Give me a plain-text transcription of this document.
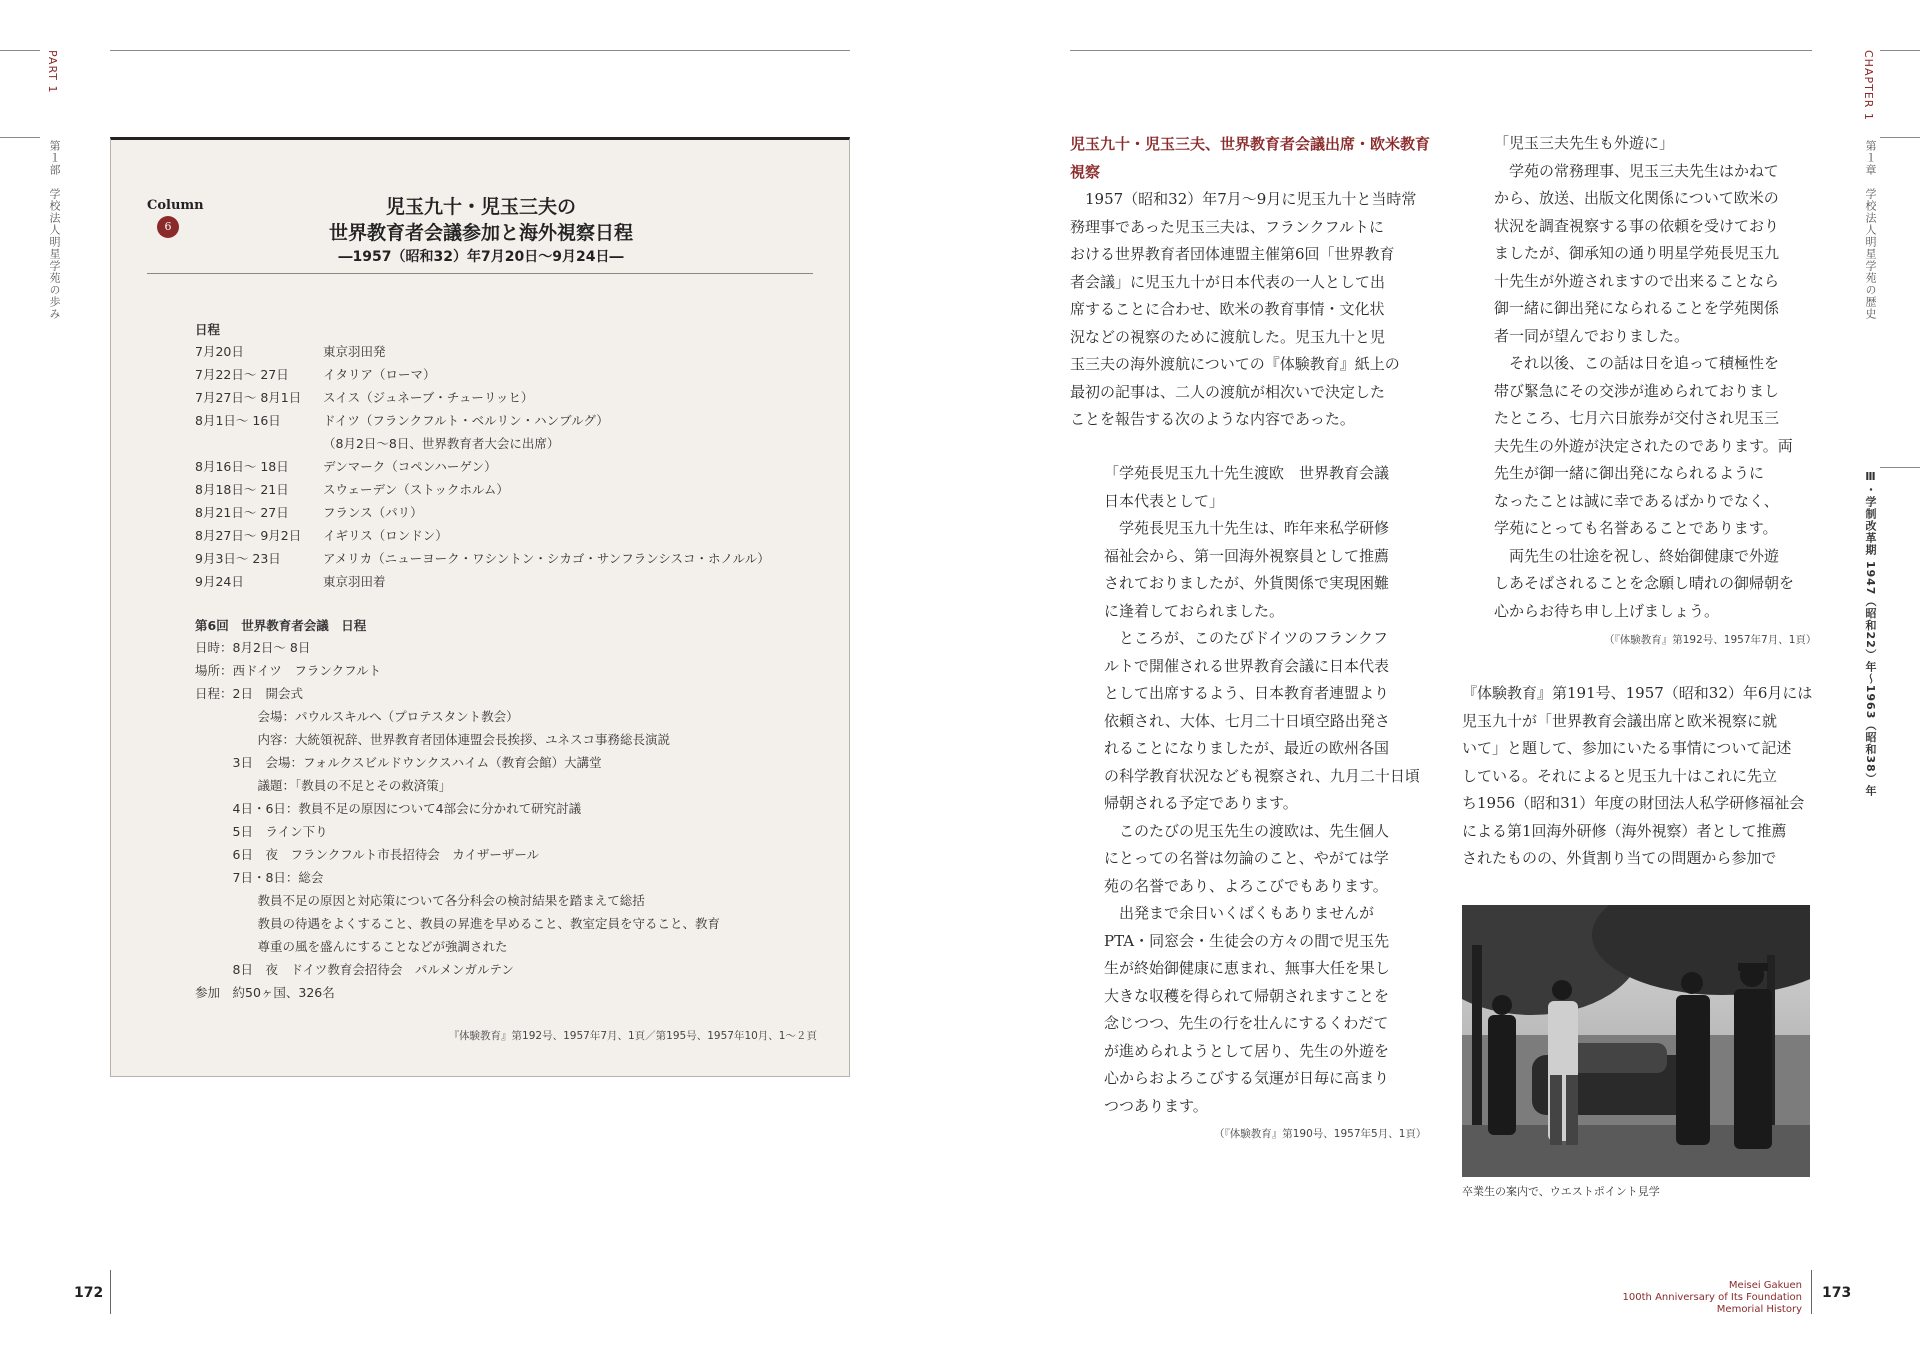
PART 1
第１部　学校法人明星学苑の歩み
CHAPTER 1
第１章　学校法人明星学苑の歴史
Ⅲ・学制改革期 1947（昭和22）年～1963（昭和38）年
Column
6
児玉九十・児玉三夫の
世界教育者会議参加と海外視察日程
―1957（昭和32）年7月20日～9月24日―
日程
7月20日	東京羽田発
7月22日～ 27日	イタリア（ローマ）
7月27日～ 8月1日 スイス（ジュネーブ・チューリッヒ）
8月1日～ 16日	ドイツ（フランクフルト・ベルリン・ハンブルグ）
（8月2日～8日、世界教育者大会に出席）
8月16日～ 18日	デンマーク（コペンハーゲン）
8月18日～ 21日	スウェーデン（ストックホルム）
8月21日～ 27日	フランス（パリ）
8月27日～ 9月2日 イギリス（ロンドン）
9月3日～ 23日	アメリカ（ニューヨーク・ワシントン・シカゴ・サンフランシスコ・ホノルル）
9月24日	東京羽田着
第6回　世界教育者会議　日程
日時：8月2日～ 8日
場所：西ドイツ　フランクフルト
日程：2日　開会式
　　　　　会場：パウルスキルへ（プロテスタント教会）
　　　　　内容：大統領祝辞、世界教育者団体連盟会長挨拶、ユネスコ事務総長演説
　　　3日　会場：フォルクスビルドウンクスハイム（教育会館）大講堂
　　　　　議題：「教員の不足とその救済策」
　　　4日・6日：教員不足の原因について4部会に分かれて研究討議
　　　5日　ライン下り
　　　6日　夜　フランクフルト市長招待会　カイザーザール
　　　7日・8日：総会
　　　　　教員不足の原因と対応策について各分科会の検討結果を踏まえて総括
　　　　　教員の待遇をよくすること、教員の昇進を早めること、教室定員を守ること、教育
　　　　　尊重の風を盛んにすることなどが強調された
　　　8日　夜　ドイツ教育会招待会　パルメンガルテン
参加　約50ヶ国、326名
『体験教育』第192号、1957年7月、1頁／第195号、1957年10月、1～２頁
児玉九十・児玉三夫、世界教育者会議出席・欧米教育
視察
　1957（昭和32）年7月～9月に児玉九十と当時常
務理事であった児玉三夫は、フランクフルトに
おける世界教育者団体連盟主催第6回「世界教育
者会議」に児玉九十が日本代表の一人として出
席することに合わせ、欧米の教育事情・文化状
況などの視察のために渡航した。児玉九十と児
玉三夫の海外渡航についての『体験教育』紙上の
最初の記事は、二人の渡航が相次いで決定した
ことを報告する次のような内容であった。
「学苑長児玉九十先生渡欧　世界教育会議
日本代表として」
　学苑長児玉九十先生は、昨年来私学研修
福祉会から、第一回海外視察員として推薦
されておりましたが、外貨関係で実現困難
に逢着しておられました。
　ところが、このたびドイツのフランクフ
ルトで開催される世界教育会議に日本代表
として出席するよう、日本教育者連盟より
依頼され、大体、七月二十日頃空路出発さ
れることになりましたが、最近の欧州各国
の科学教育状況なども視察され、九月二十日頃
帰朝される予定であります。
　このたびの児玉先生の渡欧は、先生個人
にとっての名誉は勿論のこと、やがては学
苑の名誉であり、よろこびでもあります。
　出発まで余日いくばくもありませんが
PTA・同窓会・生徒会の方々の間で児玉先
生が終始御健康に恵まれ、無事大任を果し
大きな収穫を得られて帰朝されますことを
念じつつ、先生の行を壮んにするくわだて
が進められようとして居り、先生の外遊を
心からおよろこびする気運が日毎に高まり
つつあります。
（『体験教育』第190号、1957年5月、1頁）
「児玉三夫先生も外遊に」
　学苑の常務理事、児玉三夫先生はかねて
から、放送、出版文化関係について欧米の
状況を調査視察する事の依頼を受けており
ましたが、御承知の通り明星学苑長児玉九
十先生が外遊されますので出来ることなら
御一緒に御出発になられることを学苑関係
者一同が望んでおりました。
　それ以後、この話は日を追って積極性を
帯び緊急にその交渉が進められておりまし
たところ、七月六日旅券が交付され児玉三
夫先生の外遊が決定されたのであります。両
先生が御一緒に御出発になられるように
なったことは誠に幸であるばかりでなく、
学苑にとっても名誉あることであります。
　両先生の壮途を祝し、終始御健康で外遊
しあそばされることを念願し晴れの御帰朝を
心からお待ち申し上げましょう。
（『体験教育』第192号、1957年7月、1頁）
『体験教育』第191号、1957（昭和32）年6月には
児玉九十が「世界教育会議出席と欧米視察に就
いて」と題して、参加にいたる事情について記述
している。それによると児玉九十はこれに先立
ち1956（昭和31）年度の財団法人私学研修福祉会
による第1回海外研修（海外視察）者として推薦
されたものの、外貨割り当ての問題から参加で
卒業生の案内で、ウエストポイント見学
172	Meisei Gakuen
100th Anniversary of Its Foundation
Memorial History
173
